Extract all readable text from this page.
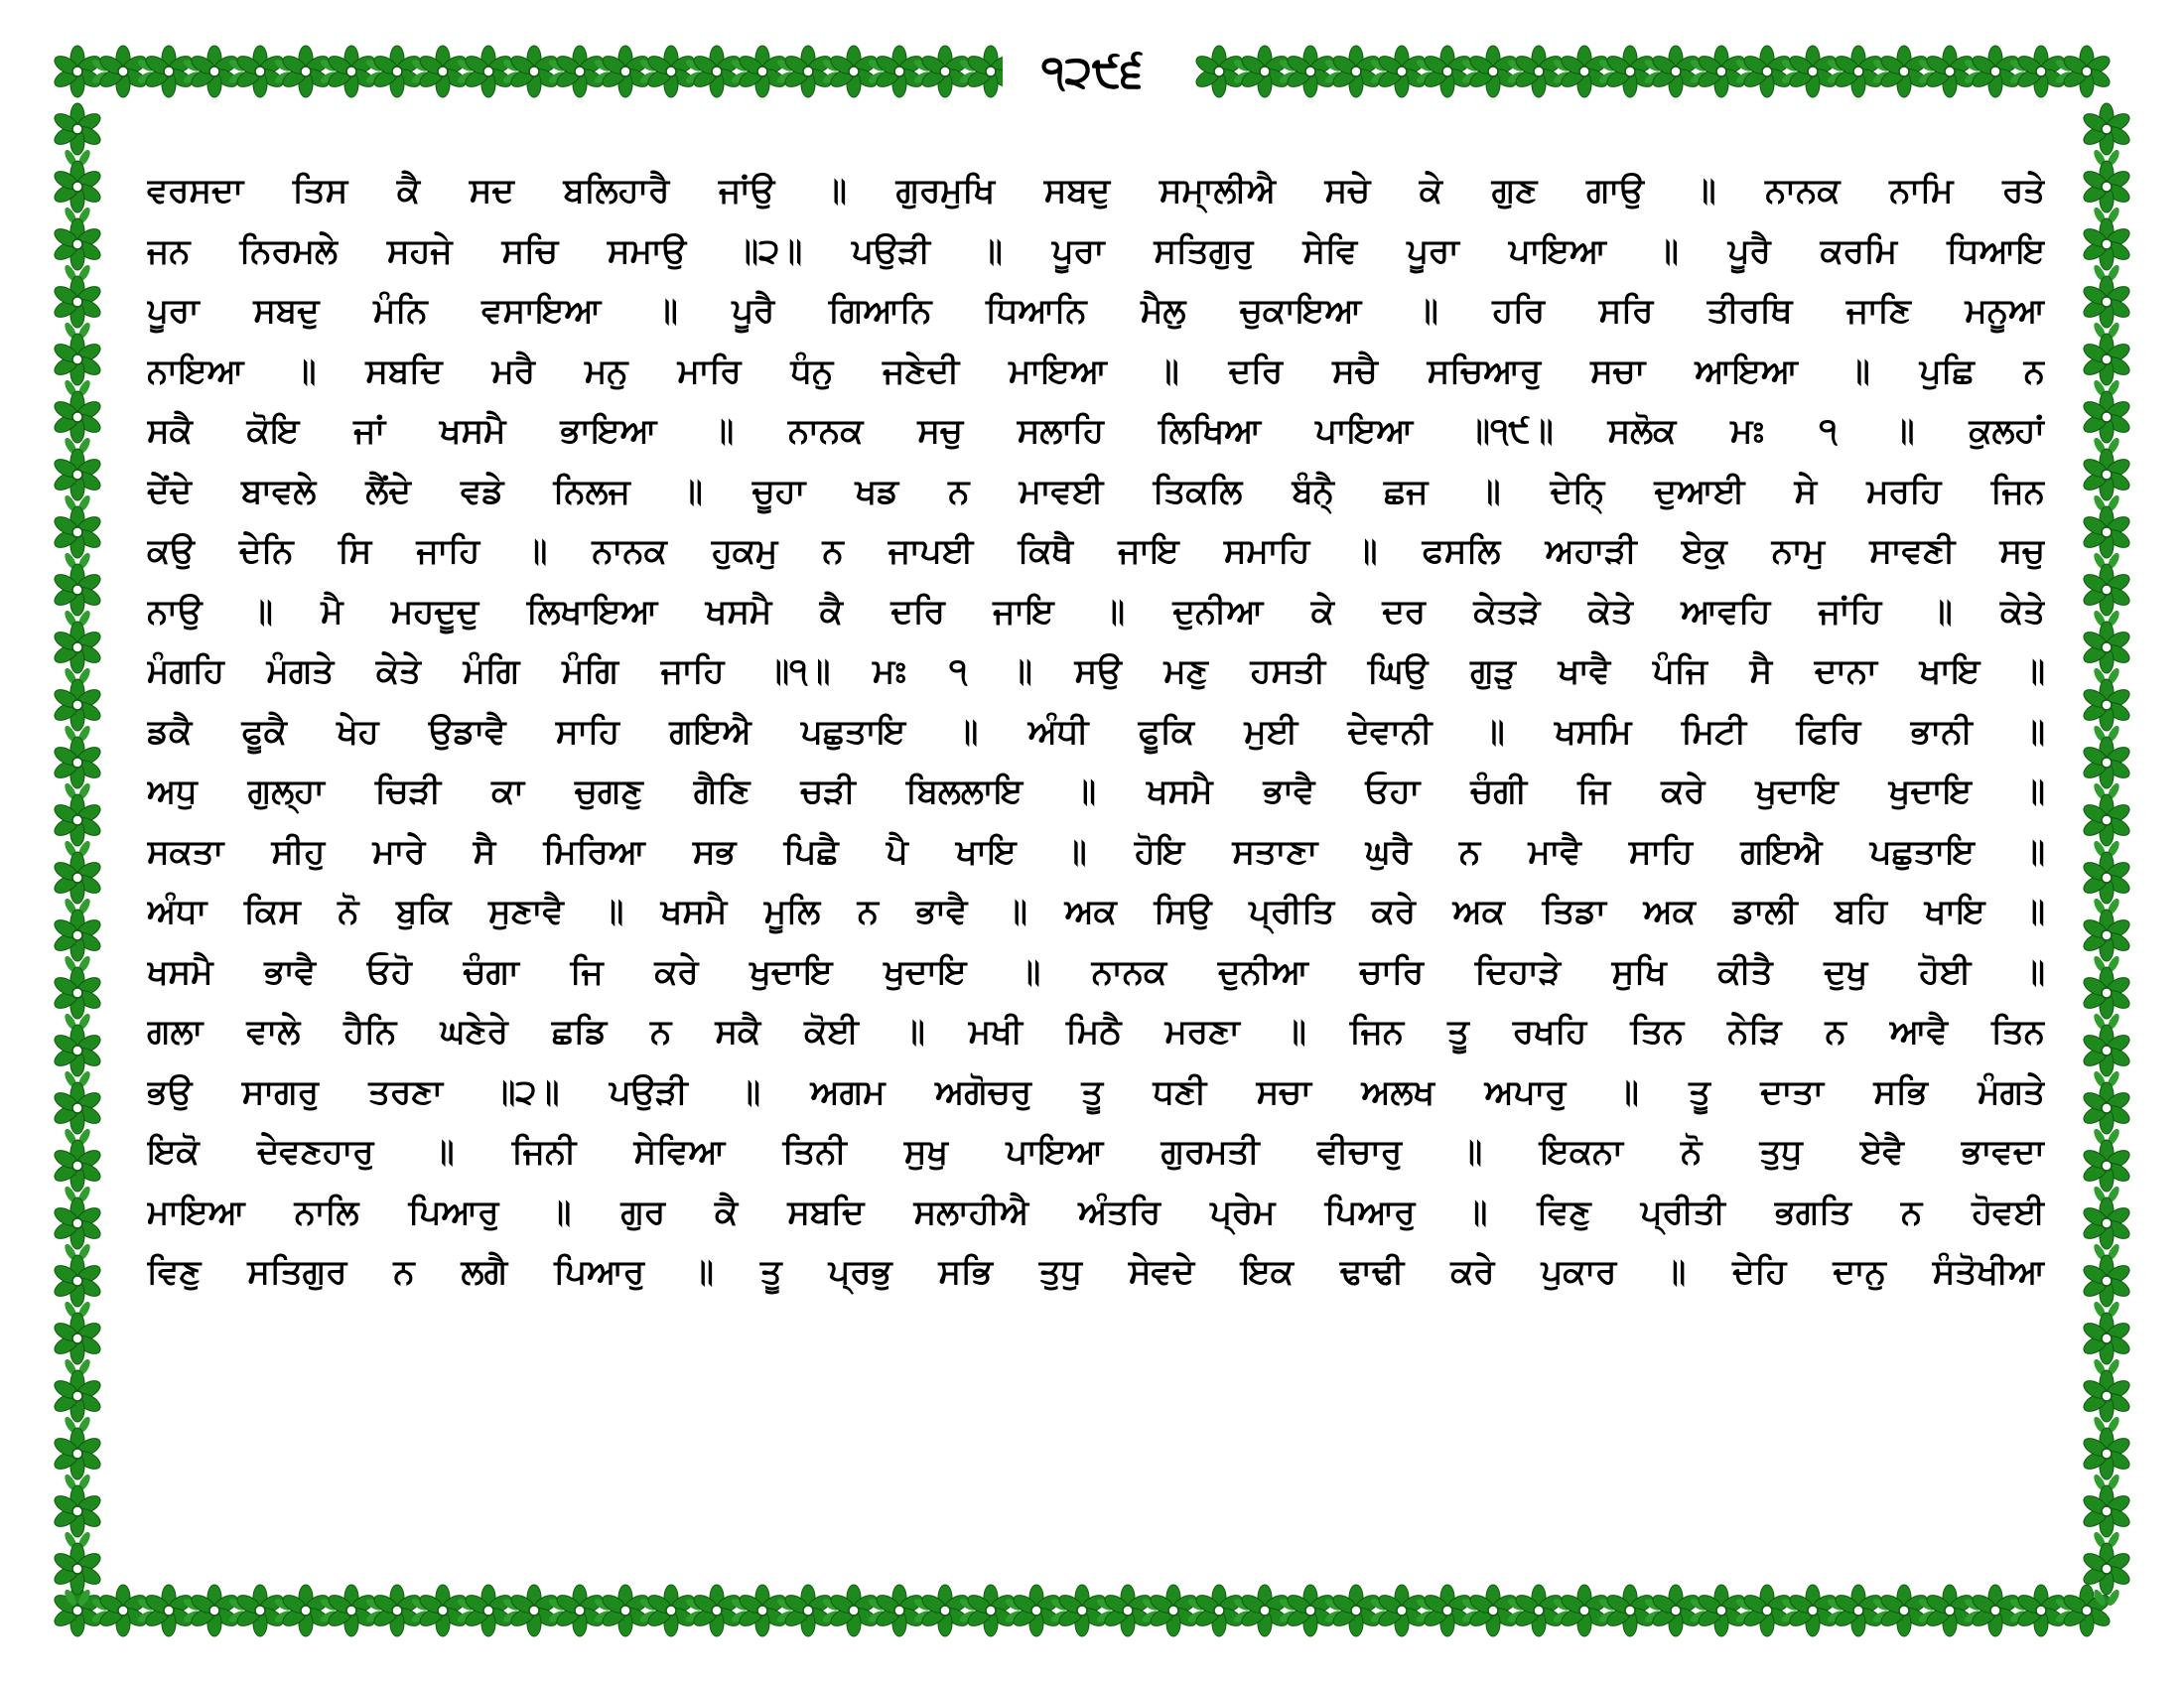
੧੨੯੬
ਵਰਸਦਾ ਤਿਸ ਕੈ ਸਦ ਬਲਿਹਾਰੈ ਜਾਂਉ ॥ ਗੁਰਮੁਖਿ ਸਬਦੁ ਸਮਾ੍ਲੀਐ ਸਚੇ ਕੇ ਗੁਣ ਗਾਉ ॥ ਨਾਨਕ ਨਾਮਿ ਰਤੇ
ਜਨ ਨਿਰਮਲੇ ਸਹਜੇ ਸਚਿ ਸਮਾਉ ॥੨॥ ਪਉੜੀ ॥ ਪੂਰਾ ਸਤਿਗੁਰੁ ਸੇਵਿ ਪੂਰਾ ਪਾਇਆ ॥ ਪੂਰੈ ਕਰਮਿ ਧਿਆਇ
ਪੂਰਾ ਸਬਦੁ ਮੰਨਿ ਵਸਾਇਆ ॥ ਪੂਰੈ ਗਿਆਨਿ ਧਿਆਨਿ ਮੈਲੁ ਚੁਕਾਇਆ ॥ ਹਰਿ ਸਰਿ ਤੀਰਥਿ ਜਾਣਿ ਮਨੂਆ
ਨਾਇਆ ॥ ਸਬਦਿ ਮਰੈ ਮਨੁ ਮਾਰਿ ਧੰਨੁ ਜਣੇਦੀ ਮਾਇਆ ॥ ਦਰਿ ਸਚੈ ਸਚਿਆਰੁ ਸਚਾ ਆਇਆ ॥ ਪੁਛਿ ਨ
ਸਕੈ ਕੋਇ ਜਾਂ ਖਸਮੈ ਭਾਇਆ ॥ ਨਾਨਕ ਸਚੁ ਸਲਾਹਿ ਲਿਖਿਆ ਪਾਇਆ ॥੧੯॥ ਸਲੋਕ ਮਃ ੧ ॥ ਕੁਲਹਾਂ
ਦੇਂਦੇ ਬਾਵਲੇ ਲੈਂਦੇ ਵਡੇ ਨਿਲਜ ॥ ਚੂਹਾ ਖਡ ਨ ਮਾਵਈ ਤਿਕਲਿ ਬੰਨੈ੍ ਛਜ ॥ ਦੇਨਿ੍ ਦੁਆਈ ਸੇ ਮਰਹਿ ਜਿਨ
ਕਉ ਦੇਨਿ ਸਿ ਜਾਹਿ ॥ ਨਾਨਕ ਹੁਕਮੁ ਨ ਜਾਪਈ ਕਿਥੈ ਜਾਇ ਸਮਾਹਿ ॥ ਫਸਲਿ ਅਹਾੜੀ ਏਕੁ ਨਾਮੁ ਸਾਵਣੀ ਸਚੁ
ਨਾਉ ॥ ਮੈ ਮਹਦੂਦੁ ਲਿਖਾਇਆ ਖਸਮੈ ਕੈ ਦਰਿ ਜਾਇ ॥ ਦੁਨੀਆ ਕੇ ਦਰ ਕੇਤੜੇ ਕੇਤੇ ਆਵਹਿ ਜਾਂਹਿ ॥ ਕੇਤੇ
ਮੰਗਹਿ ਮੰਗਤੇ ਕੇਤੇ ਮੰਗਿ ਮੰਗਿ ਜਾਹਿ ॥੧॥ ਮਃ ੧ ॥ ਸਉ ਮਣੁ ਹਸਤੀ ਘਿਉ ਗੁੜੁ ਖਾਵੈ ਪੰਜਿ ਸੈ ਦਾਨਾ ਖਾਇ ॥
ਡਕੈ ਫੂਕੈ ਖੇਹ ਉਡਾਵੈ ਸਾਹਿ ਗਇਐ ਪਛੁਤਾਇ ॥ ਅੰਧੀ ਫੂਕਿ ਮੁਈ ਦੇਵਾਨੀ ॥ ਖਸਮਿ ਮਿਟੀ ਫਿਰਿ ਭਾਨੀ ॥
ਅਧੁ ਗੁਲ੍ਹਾ ਚਿੜੀ ਕਾ ਚੁਗਣੁ ਗੈਣਿ ਚੜੀ ਬਿਲਲਾਇ ॥ ਖਸਮੈ ਭਾਵੈ ਓਹਾ ਚੰਗੀ ਜਿ ਕਰੇ ਖੁਦਾਇ ਖੁਦਾਇ ॥
ਸਕਤਾ ਸੀਹੁ ਮਾਰੇ ਸੈ ਮਿਰਿਆ ਸਭ ਪਿਛੈ ਪੈ ਖਾਇ ॥ ਹੋਇ ਸਤਾਣਾ ਘੁਰੈ ਨ ਮਾਵੈ ਸਾਹਿ ਗਇਐ ਪਛੁਤਾਇ ॥
ਅੰਧਾ ਕਿਸ ਨੋ ਬੁਕਿ ਸੁਣਾਵੈ ॥ ਖਸਮੈ ਮੂਲਿ ਨ ਭਾਵੈ ॥ ਅਕ ਸਿਉ ਪ੍ਰੀਤਿ ਕਰੇ ਅਕ ਤਿਡਾ ਅਕ ਡਾਲੀ ਬਹਿ ਖਾਇ ॥
ਖਸਮੈ ਭਾਵੈ ਓਹੋ ਚੰਗਾ ਜਿ ਕਰੇ ਖੁਦਾਇ ਖੁਦਾਇ ॥ ਨਾਨਕ ਦੁਨੀਆ ਚਾਰਿ ਦਿਹਾੜੇ ਸੁਖਿ ਕੀਤੈ ਦੁਖੁ ਹੋਈ ॥
ਗਲਾ ਵਾਲੇ ਹੈਨਿ ਘਣੇਰੇ ਛਡਿ ਨ ਸਕੈ ਕੋਈ ॥ ਮਖੀ ਮਿਠੈ ਮਰਣਾ ॥ ਜਿਨ ਤੂ ਰਖਹਿ ਤਿਨ ਨੇੜਿ ਨ ਆਵੈ ਤਿਨ
ਭਉ ਸਾਗਰੁ ਤਰਣਾ ॥੨॥ ਪਉੜੀ ॥ ਅਗਮ ਅਗੋਚਰੁ ਤੂ ਧਣੀ ਸਚਾ ਅਲਖ ਅਪਾਰੁ ॥ ਤੂ ਦਾਤਾ ਸਭਿ ਮੰਗਤੇ
ਇਕੋ ਦੇਵਣਹਾਰੁ ॥ ਜਿਨੀ ਸੇਵਿਆ ਤਿਨੀ ਸੁਖੁ ਪਾਇਆ ਗੁਰਮਤੀ ਵੀਚਾਰੁ ॥ ਇਕਨਾ ਨੋ ਤੁਧੁ ਏਵੈ ਭਾਵਦਾ
ਮਾਇਆ ਨਾਲਿ ਪਿਆਰੁ ॥ ਗੁਰ ਕੈ ਸਬਦਿ ਸਲਾਹੀਐ ਅੰਤਰਿ ਪ੍ਰੇਮ ਪਿਆਰੁ ॥ ਵਿਣੁ ਪ੍ਰੀਤੀ ਭਗਤਿ ਨ ਹੋਵਈ
ਵਿਣੁ ਸਤਿਗੁਰ ਨ ਲਗੈ ਪਿਆਰੁ ॥ ਤੂ ਪ੍ਰਭੁ ਸਭਿ ਤੁਧੁ ਸੇਵਦੇ ਇਕ ਢਾਢੀ ਕਰੇ ਪੁਕਾਰ ॥ ਦੇਹਿ ਦਾਨੁ ਸੰਤੋਖੀਆ
